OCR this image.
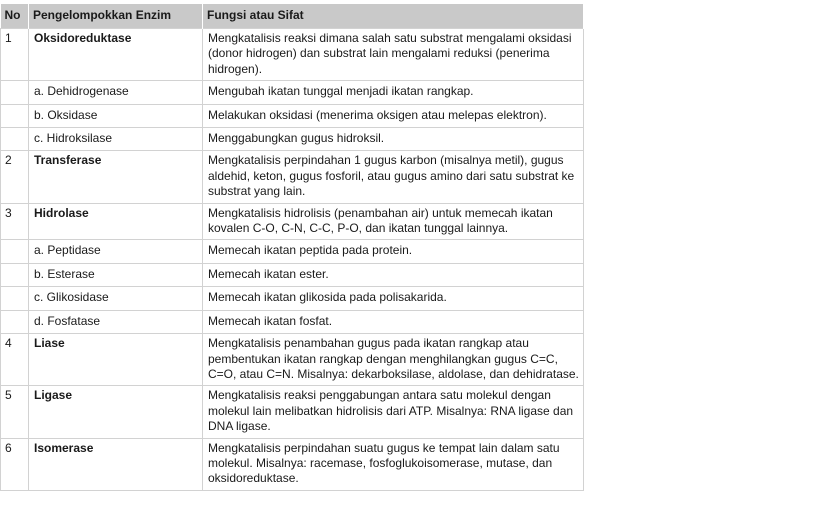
No	Pengelompokkan Enzim	Fungsi atau Sifat
1	Oksidoreduktase	Mengkatalisis reaksi dimana salah satu substrat mengalami oksidasi (donor hidrogen) dan substrat lain mengalami reduksi (penerima hidrogen).
	a. Dehidrogenase	Mengubah ikatan tunggal menjadi ikatan rangkap.
	b. Oksidase	Melakukan oksidasi (menerima oksigen atau melepas elektron).
	c. Hidroksilase	Menggabungkan gugus hidroksil.
2	Transferase	Mengkatalisis perpindahan 1 gugus karbon (misalnya metil), gugus aldehid, keton, gugus fosforil, atau gugus amino dari satu substrat ke substrat yang lain.
3	Hidrolase	Mengkatalisis hidrolisis (penambahan air) untuk memecah ikatan kovalen C-O, C-N, C-C, P-O, dan ikatan tunggal lainnya.
	a. Peptidase	Memecah ikatan peptida pada protein.
	b. Esterase	Memecah ikatan ester.
	c. Glikosidase	Memecah ikatan glikosida pada polisakarida.
	d. Fosfatase	Memecah ikatan fosfat.
4	Liase	Mengkatalisis penambahan gugus pada ikatan rangkap atau pembentukan ikatan rangkap dengan menghilangkan gugus C=C, C=O, atau C=N. Misalnya: dekarboksilase, aldolase, dan dehidratase.
5	Ligase	Mengkatalisis reaksi penggabungan antara satu molekul dengan molekul lain melibatkan hidrolisis dari ATP. Misalnya: RNA ligase dan DNA ligase.
6	Isomerase	Mengkatalisis perpindahan suatu gugus ke tempat lain dalam satu molekul. Misalnya: racemase, fosfoglukoisomerase, mutase, dan oksidoreduktase.
